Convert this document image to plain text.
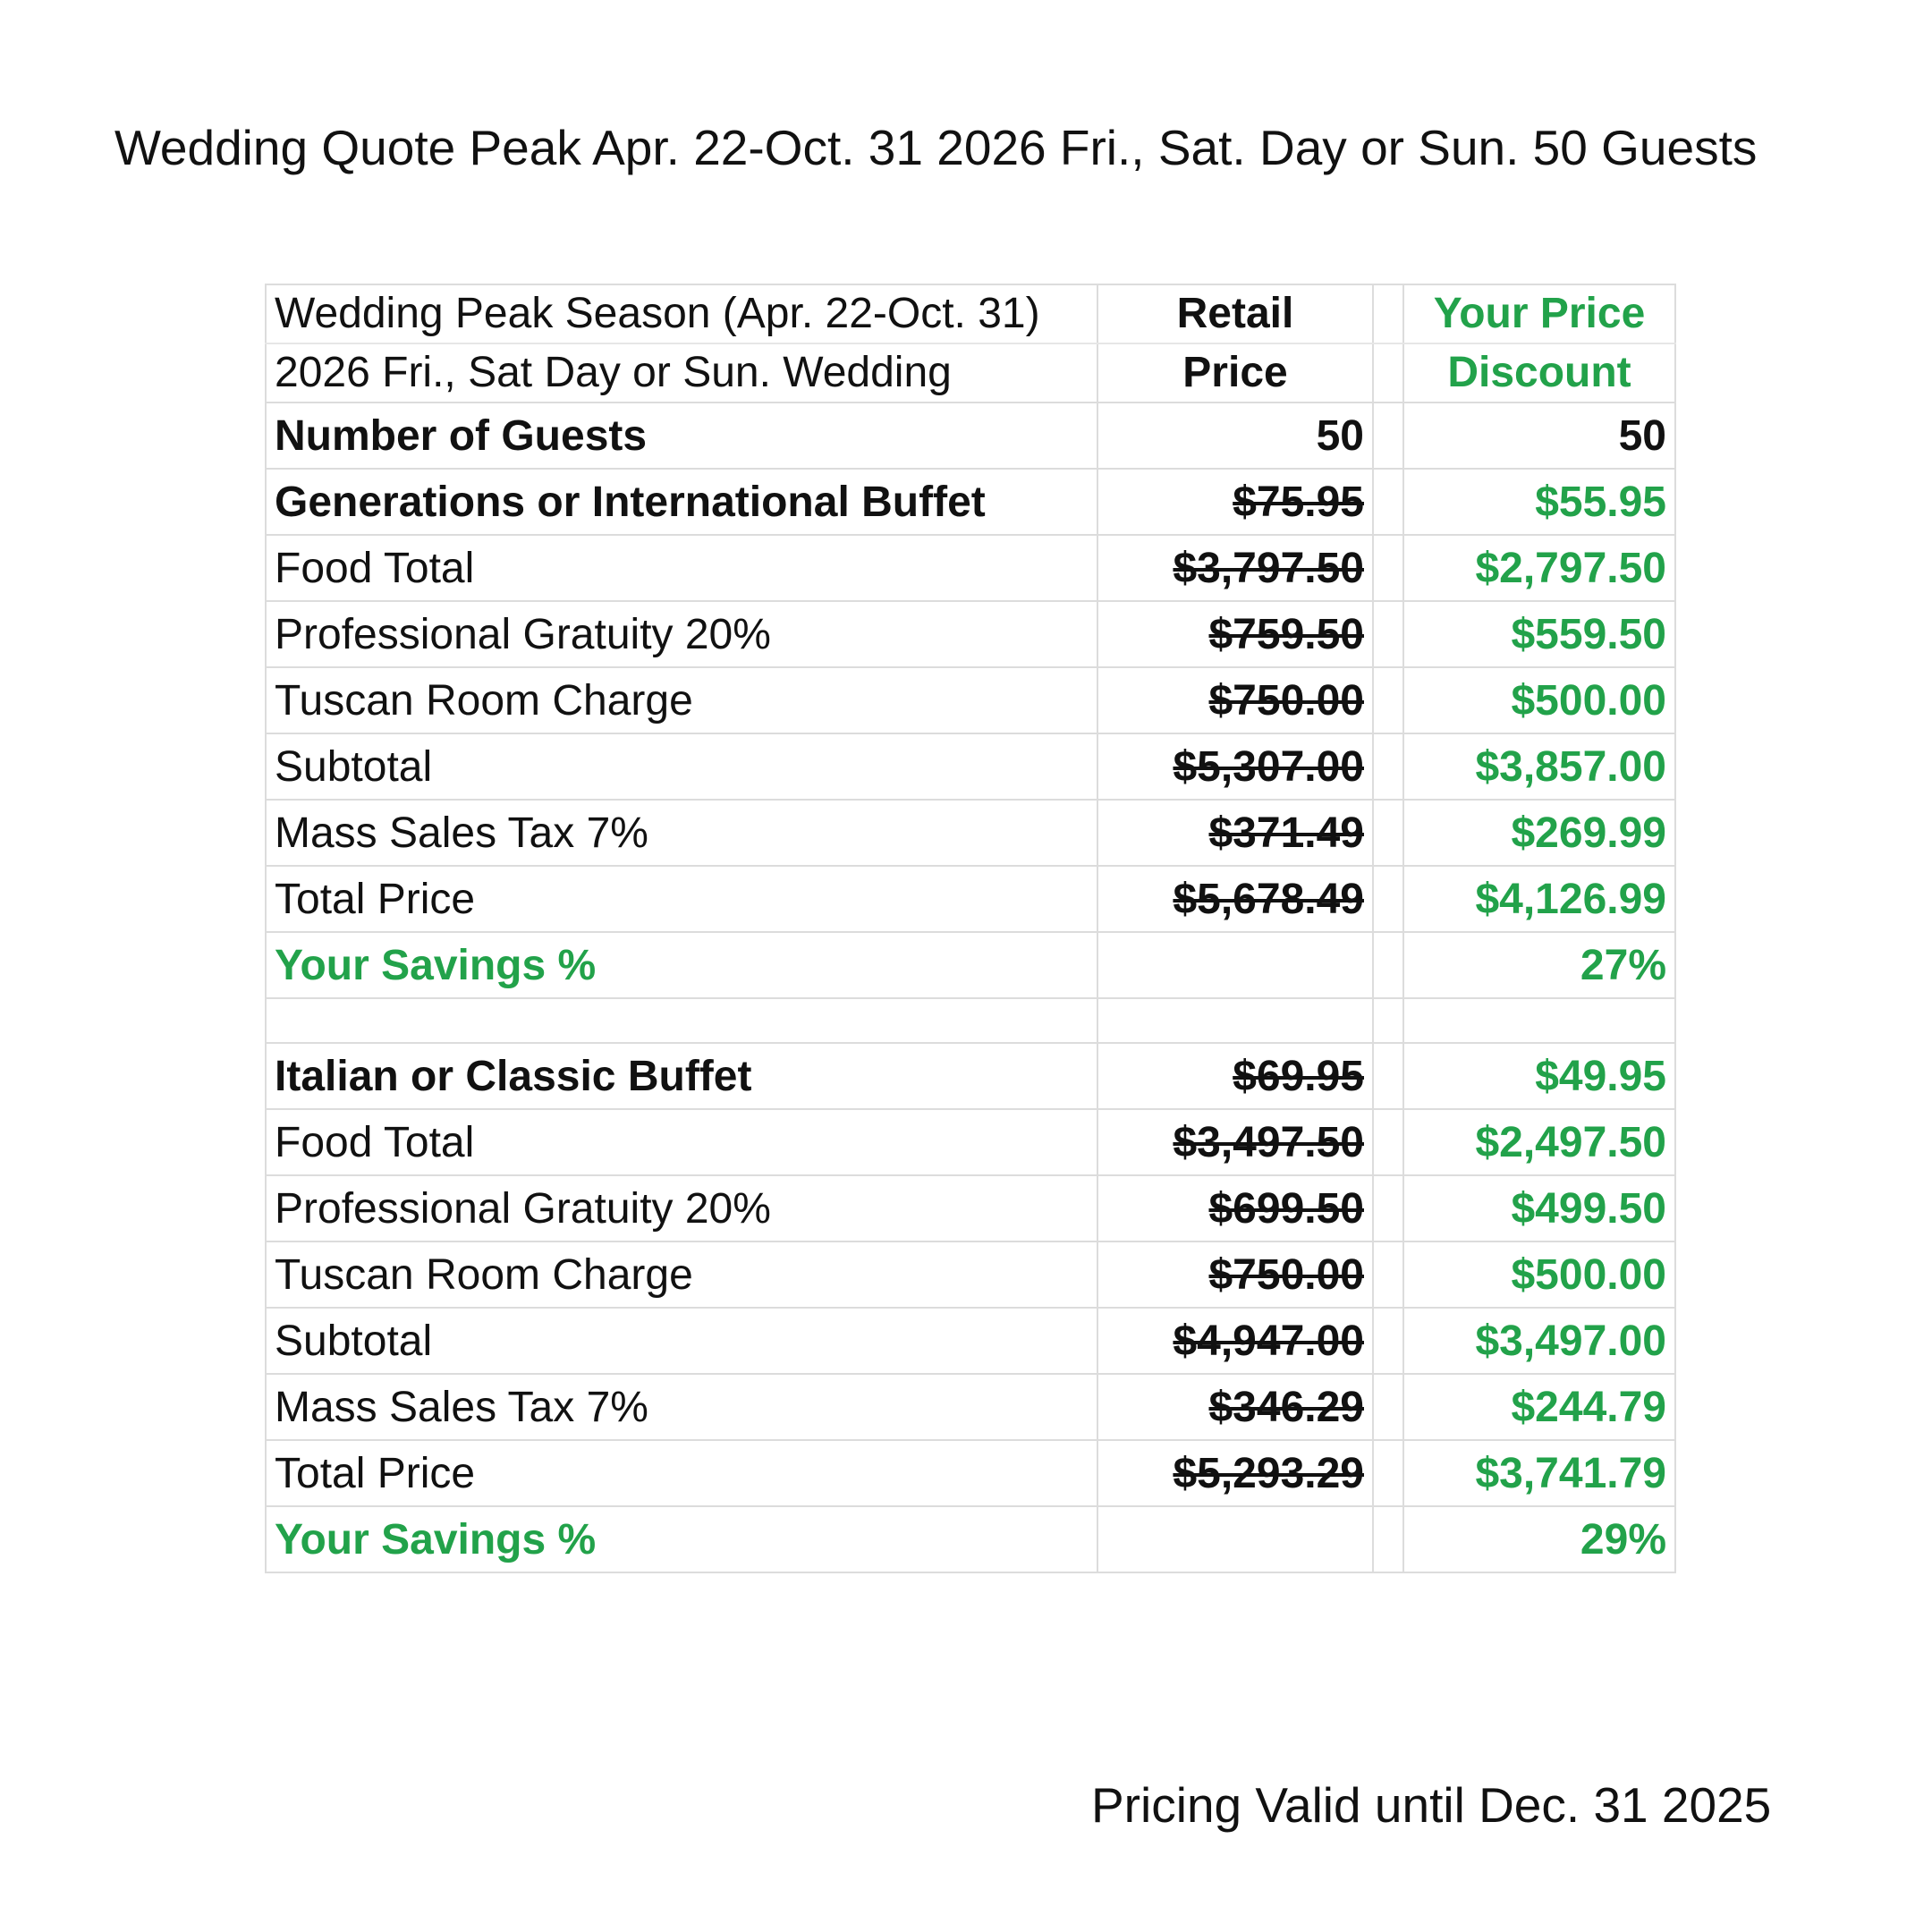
Wedding Quote Peak Apr. 22-Oct. 31 2026 Fri., Sat. Day or Sun. 50 Guests
Wedding Peak Season (Apr. 22-Oct. 31)	Retail		Your Price
2026 Fri., Sat Day or Sun. Wedding	Price		Discount
Number of Guests	50		50
Generations or International Buffet	$75.95		$55.95
Food Total	$3,797.50		$2,797.50
Professional Gratuity 20%	$759.50		$559.50
Tuscan Room Charge	$750.00		$500.00
Subtotal	$5,307.00		$3,857.00
Mass Sales Tax 7%	$371.49		$269.99
Total Price	$5,678.49		$4,126.99
Your Savings %			27%

Italian or Classic Buffet	$69.95		$49.95
Food Total	$3,497.50		$2,497.50
Professional Gratuity 20%	$699.50		$499.50
Tuscan Room Charge	$750.00		$500.00
Subtotal	$4,947.00		$3,497.00
Mass Sales Tax 7%	$346.29		$244.79
Total Price	$5,293.29		$3,741.79
Your Savings %			29%
Pricing Valid until Dec. 31 2025
